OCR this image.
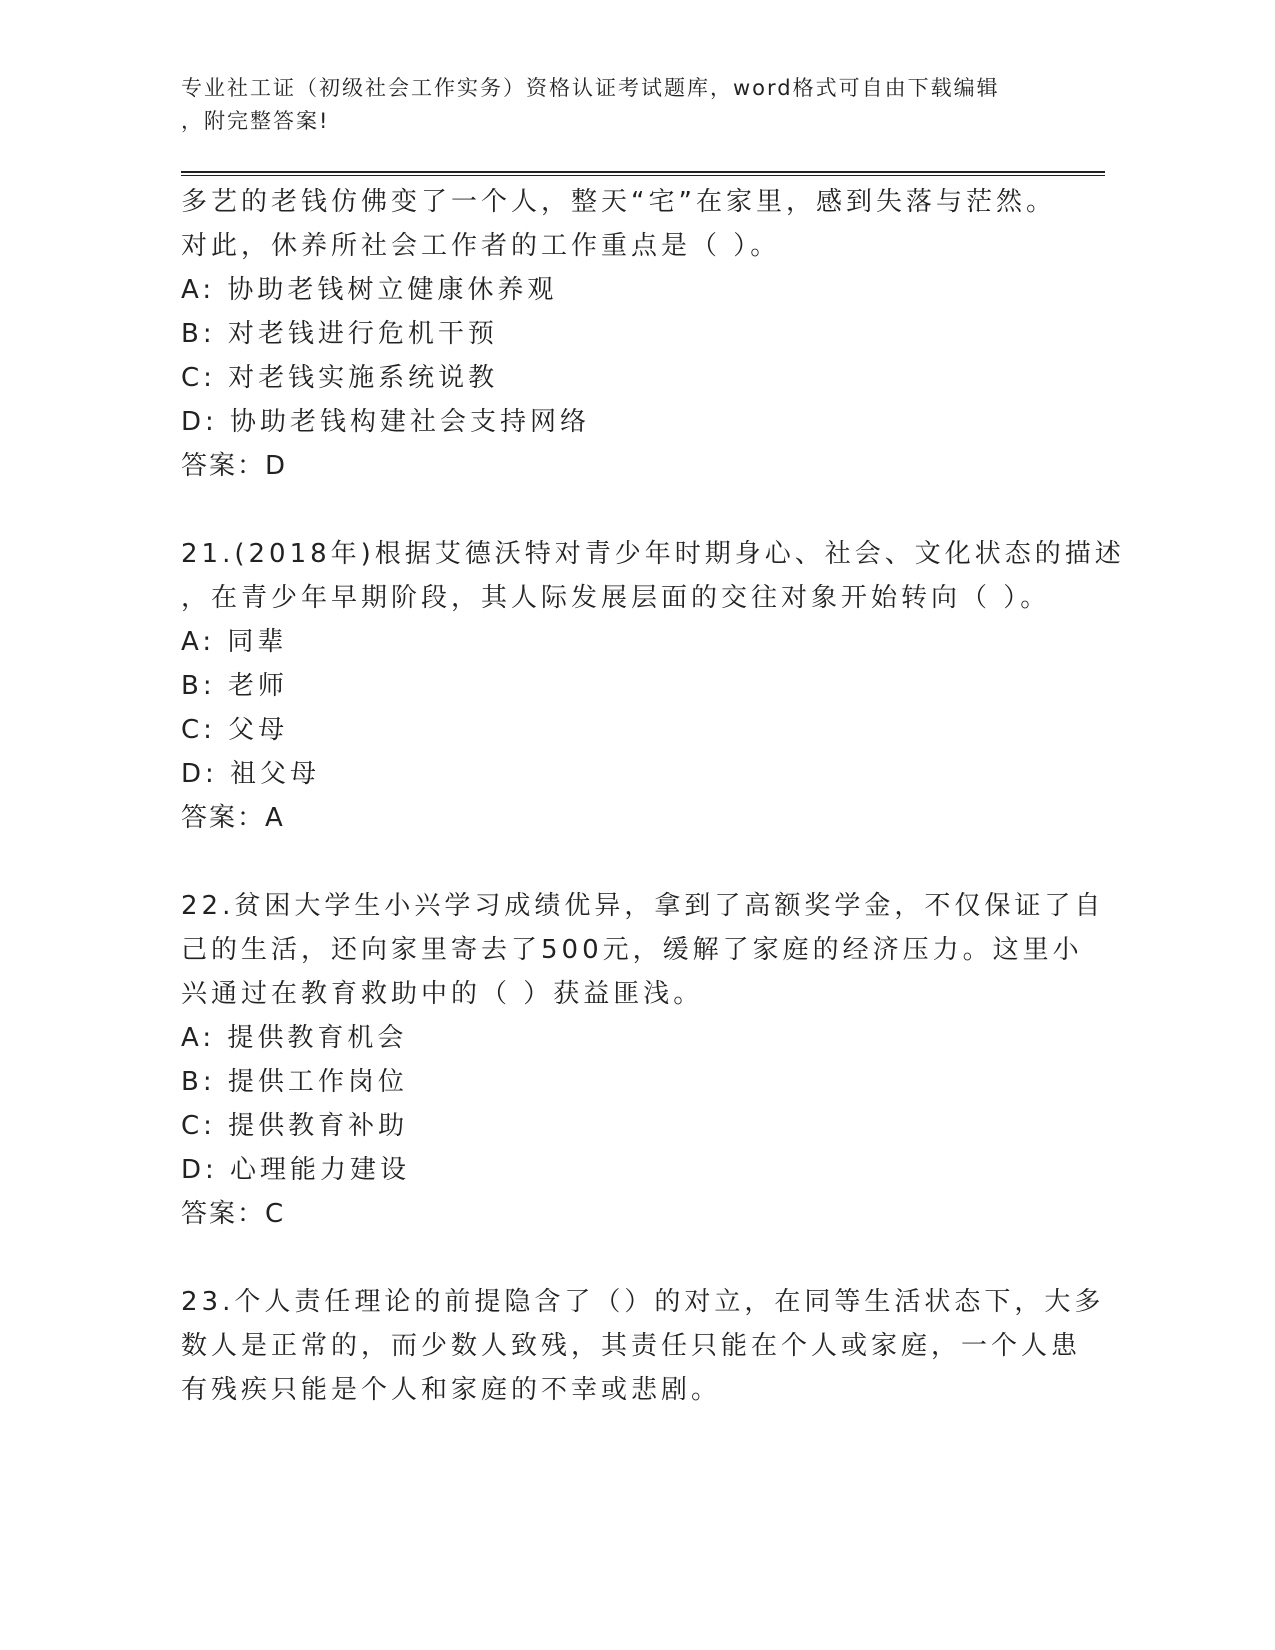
专业社工证（初级社会工作实务）资格认证考试题库，word格式可自由下载编辑
，附完整答案!
多艺的老钱仿佛变了一个人，整天“宅”在家里，感到失落与茫然。
对此，休养所社会工作者的工作重点是（ ）。
A: 协助老钱树立健康休养观
B: 对老钱进行危机干预
C: 对老钱实施系统说教
D: 协助老钱构建社会支持网络
答案：D
21.(2018年)根据艾德沃特对青少年时期身心、社会、文化状态的描述
，在青少年早期阶段，其人际发展层面的交往对象开始转向（ ）。
A: 同辈
B: 老师
C: 父母
D: 祖父母
答案：A
22.贫困大学生小兴学习成绩优异，拿到了高额奖学金，不仅保证了自
己的生活，还向家里寄去了500元，缓解了家庭的经济压力。这里小
兴通过在教育救助中的（ ）获益匪浅。
A: 提供教育机会
B: 提供工作岗位
C: 提供教育补助
D: 心理能力建设
答案：C
23.个人责任理论的前提隐含了（）的对立，在同等生活状态下，大多
数人是正常的，而少数人致残，其责任只能在个人或家庭，一个人患
有残疾只能是个人和家庭的不幸或悲剧。
